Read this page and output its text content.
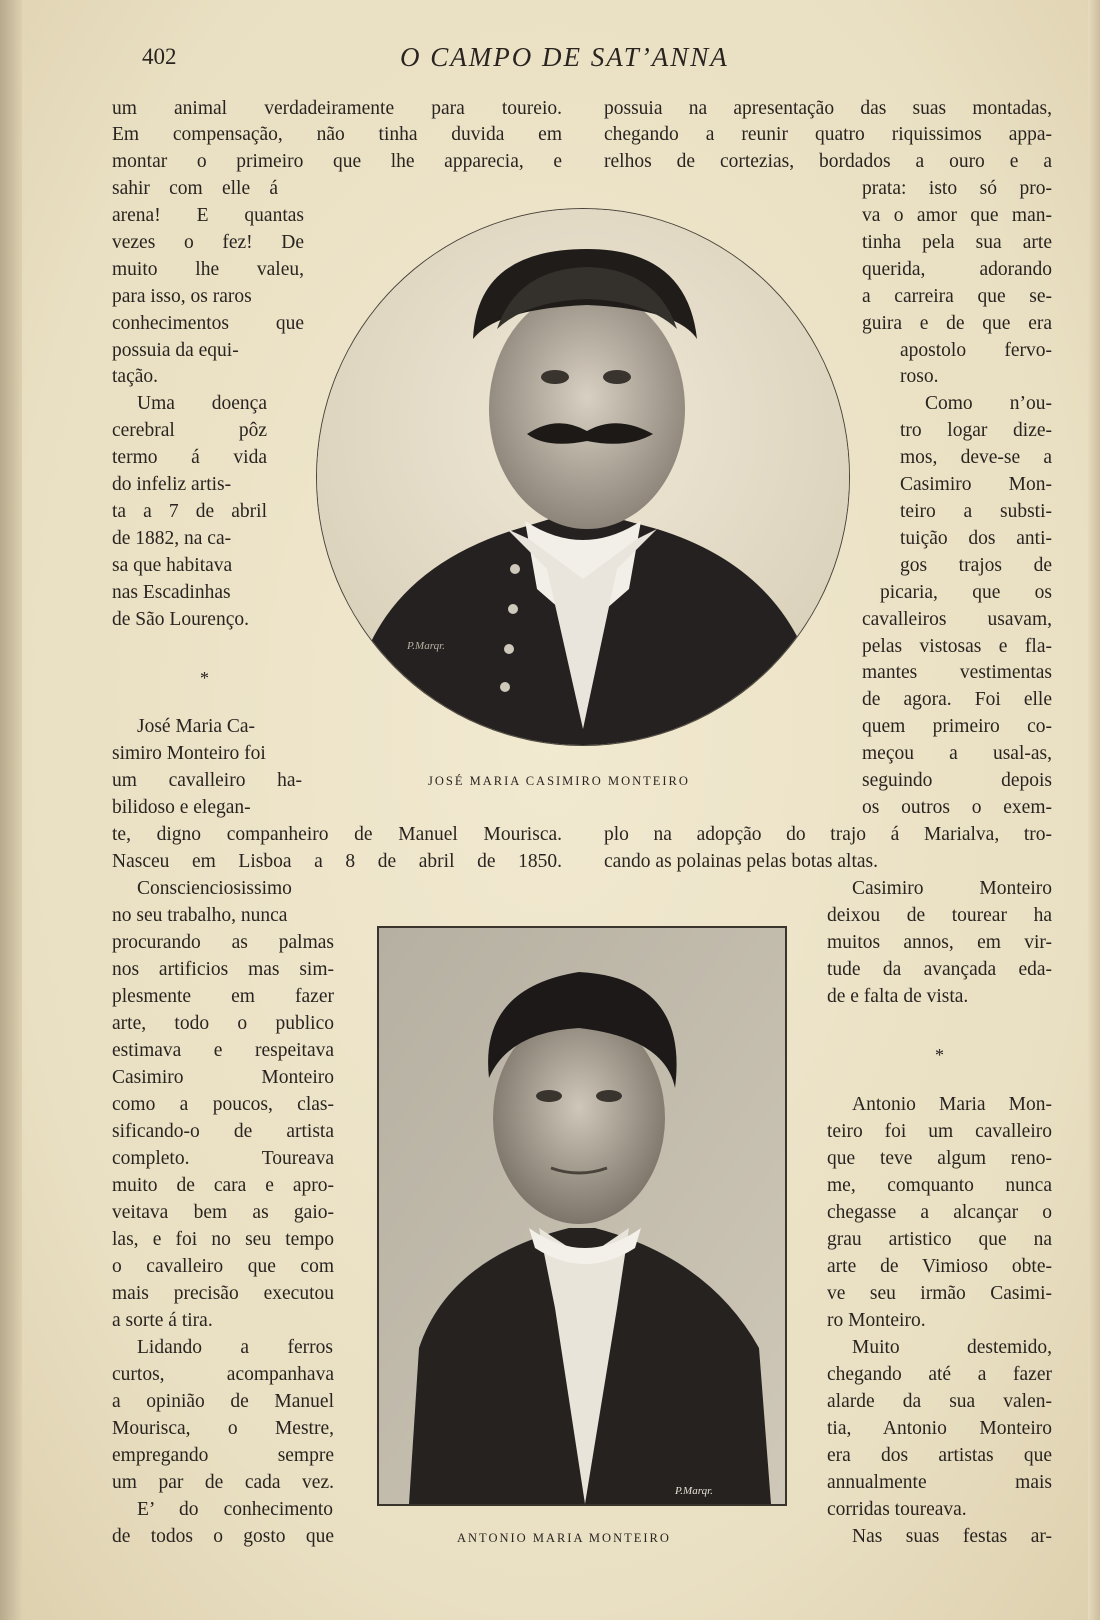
402	O CAMPO DE SAT’ANNA
P.Marqr.
JOSÉ MARIA CASIMIRO MONTEIRO
P.Marqr.
ANTONIO MARIA MONTEIRO
um animal verdadeiramente para toureio.
Em compensação, não tinha duvida em
montar o primeiro que lhe apparecia, e
sahir com elle á
arena! E quantas
vezes o fez! De
muito lhe valeu,
para isso, os raros
conhecimentos que
possuia da equi-
tação.
Uma doença
cerebral pôz
termo á vida
do infeliz artis-
ta a 7 de abril
de 1882, na ca-
sa que habitava
nas Escadinhas
de São Lourenço.
*
José Maria Ca-
simiro Monteiro foi
um cavalleiro ha-
bilidoso e elegan-
te, digno companheiro de Manuel Mourisca.
Nasceu em Lisboa a 8 de abril de 1850.
Conscienciosissimo
no seu trabalho, nunca
procurando as palmas
nos artificios mas sim-
plesmente em fazer
arte, todo o publico
estimava e respeitava
Casimiro Monteiro
como a poucos, clas-
sificando-o de artista
completo. Toureava
muito de cara e apro-
veitava bem as gaio-
las, e foi no seu tempo
o cavalleiro que com
mais precisão executou
a sorte á tira.
Lidando a ferros
curtos, acompanhava
a opinião de Manuel
Mourisca, o Mestre,
empregando sempre
um par de cada vez.
E’ do conhecimento
de todos o gosto que
possuia na apresentação das suas montadas,
chegando a reunir quatro riquissimos appa-
relhos de cortezias, bordados a ouro e a
prata: isto só pro-
va o amor que man-
tinha pela sua arte
querida, adorando
a carreira que se-
guira e de que era
apostolo fervo-
roso.
Como n’ou-
tro logar dize-
mos, deve-se a
Casimiro Mon-
teiro a substi-
tuição dos anti-
gos trajos de
picaria, que os
cavalleiros usavam,
pelas vistosas e fla-
mantes vestimentas
de agora. Foi elle
quem primeiro co-
meçou a usal-as,
seguindo depois
os outros o exem-
plo na adopção do trajo á Marialva, tro-
cando as polainas pelas botas altas.
Casimiro Monteiro
deixou de tourear ha
muitos annos, em vir-
tude da avançada eda-
de e falta de vista.
*
Antonio Maria Mon-
teiro foi um cavalleiro
que teve algum reno-
me, comquanto nunca
chegasse a alcançar o
grau artistico que na
arte de Vimioso obte-
ve seu irmão Casimi-
ro Monteiro.
Muito destemido,
chegando até a fazer
alarde da sua valen-
tia, Antonio Monteiro
era dos artistas que
annualmente mais
corridas toureava.
Nas suas festas ar-
